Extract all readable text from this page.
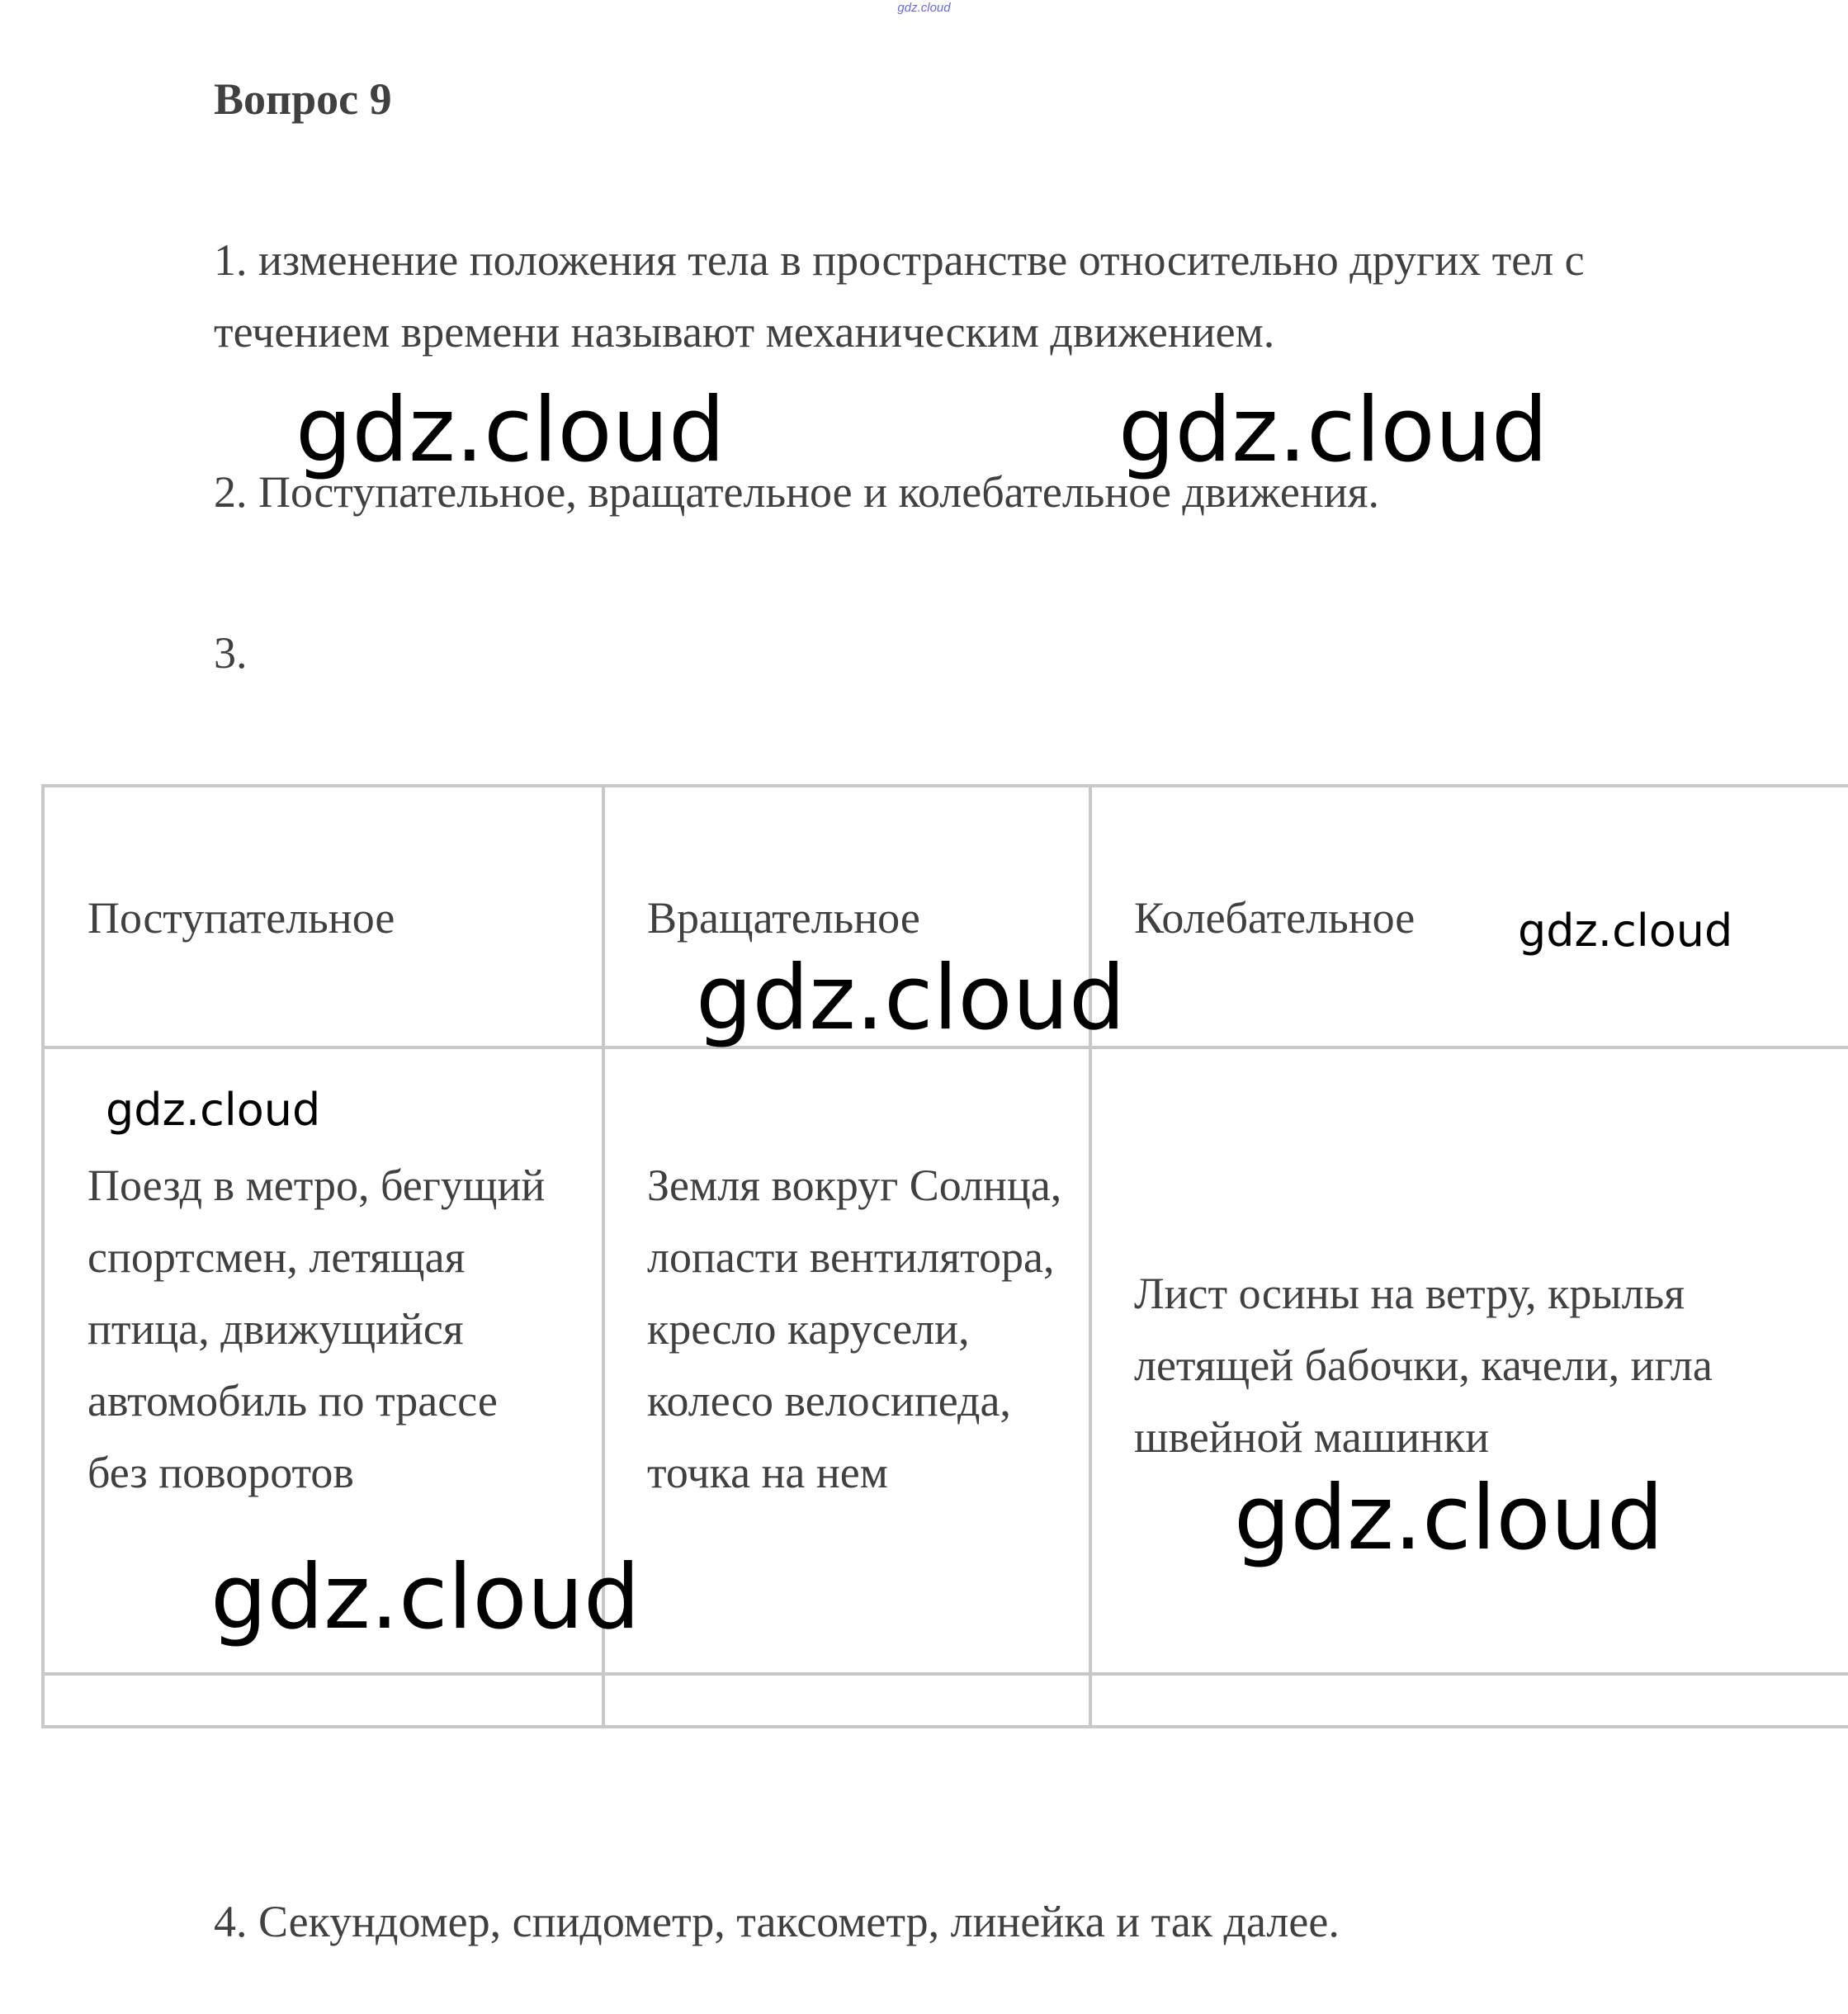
gdz.cloud
Вопрос 9
1. изменение положения тела в пространстве относительно других тел с течением времени называют механическим движением.
2. Поступательное, вращательное и колебательное движения.
3.
Поступательное	Вращательное	Колебательное

Поезд в метро, бегущий спортсмен, летящая птица, движущийся автомобиль по трассе без поворотов	Земля вокруг Солнца, лопасти вентилятора, кресло карусели, колесо велосипеда, точка на нем	Лист осины на ветру, крылья летящей бабочки, качели, игла швейной машинки

4. Секундомер, спидометр, таксометр, линейка и так далее.
gdz.cloud	gdz.cloud
gdz.cloud
gdz.cloud
gdz.cloud
gdz.cloud
gdz.cloud
